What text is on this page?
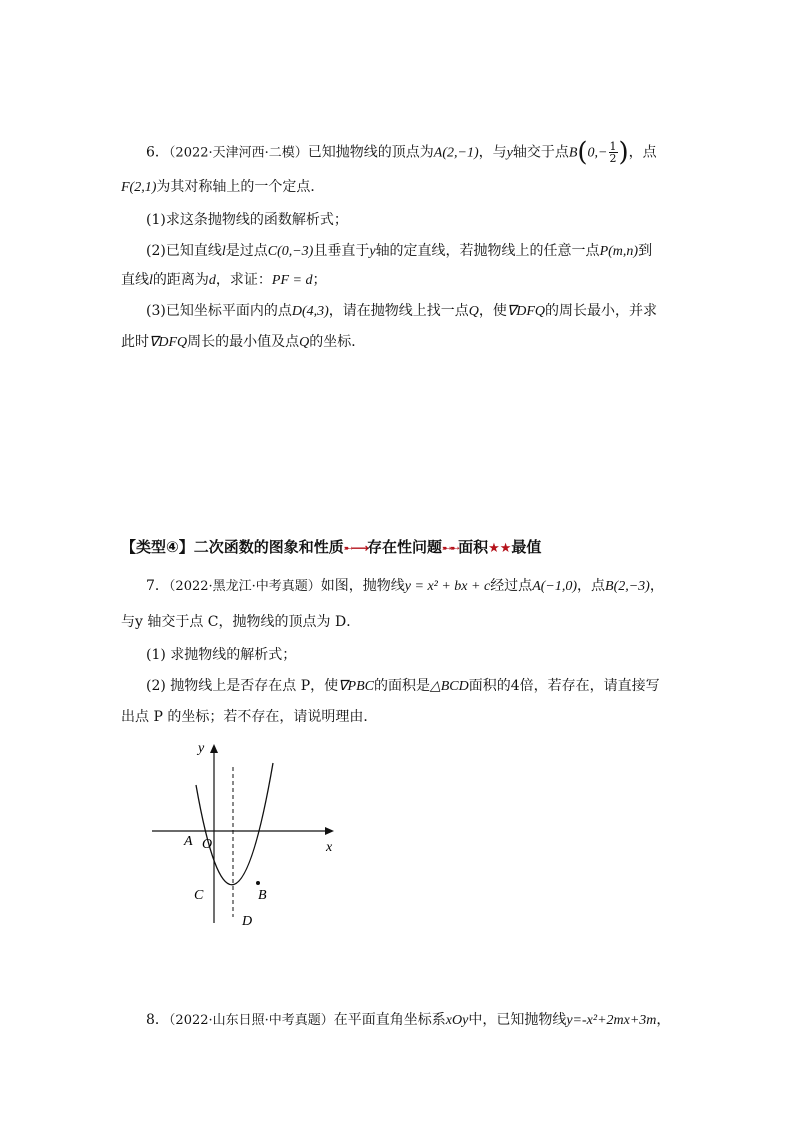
6．（2022·天津河西·二模）已知抛物线的顶点为A(2,−1)，与y轴交于点$B(0,- \frac{1}{2}$ )，点
F(2,1)为其对称轴上的一个定点．
(1)求这条抛物线的函数解析式；
(2)已知直线l是过点C(0,−3)且垂直于y轴的定直线，若抛物线上的任意一点P(m,n)到
直线l的距离为d，求证：PF = d；
(3)已知坐标平面内的点D(4,3)，请在抛物线上找一点Q，使∇DFQ的周长最小，并求
此时∇DFQ周长的最小值及点Q的坐标．
【类型④】二次函数的图象和性质➸⟶存在性问题➸➸面积★★最值
7．（2022·黑龙江·中考真题）如图，抛物线y = x² + bx + c经过点A(−1,0)，点B(2,−3)，
与y 轴交于点 C，抛物线的顶点为 D．
(1) 求抛物线的解析式；
(2) 抛物线上是否存在点 P，使∇PBC的面积是△BCD面积的4倍，若存在，请直接写
出点 P 的坐标；若不存在，请说明理由．
y
x
O
A
C	B
D
8．（2022·山东日照·中考真题）在平面直角坐标系xOy中，已知抛物线y=-x²+2mx+3m，
